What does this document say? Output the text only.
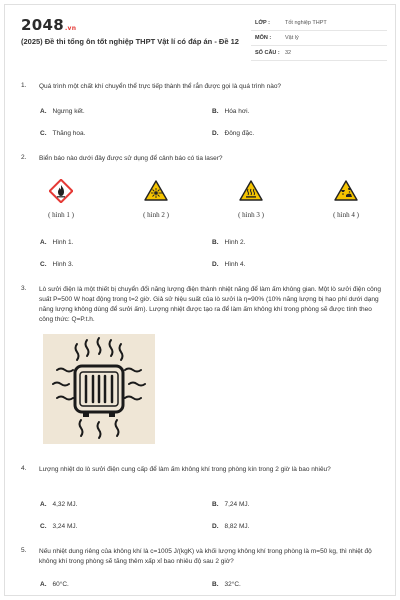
2048.vn
(2025) Đề thi tổng ôn tốt nghiệp THPT Vật lí có đáp án - Đề 12
LỚP :	Tốt nghiệp THPT
MÔN :	Vật lý
SỐ CÂU : 32
1. Quá trình một chất khí chuyển thể trực tiếp thành thể rắn được gọi là quá trình nào?
A. Ngưng kết.	B. Hóa hơi.
C. Thăng hoa.	D. Đông đặc.
2. Biển báo nào dưới đây được sử dụng để cảnh báo có tia laser?
( hình 1 )	( hình 2 )	( hình 3 )	( hình 4 )
A. Hình 1.	B. Hình 2.
C. Hình 3.	D. Hình 4.
3. Lò sưởi điện là một thiết bị chuyển đổi năng lượng điện thành nhiệt năng để làm ấm không gian. Một lò sưởi điện công suất P=500 W hoạt động trong t=2 giờ. Giả sử hiệu suất của lò sưởi là η=90% (10% năng lượng bị hao phí dưới dạng năng lượng không dùng để sưởi ấm). Lượng nhiệt được tạo ra để làm ấm không khí trong phòng sẽ được tính theo công thức: Q=P.t.h.
4. Lượng nhiệt do lò sưởi điện cung cấp để làm ấm không khí trong phòng kín trong 2 giờ là bao nhiêu?
A. 4,32 MJ.	B. 7,24 MJ.
C. 3,24 MJ.	D. 8,82 MJ.
5. Nếu nhiệt dung riêng của không khí là c=1005 J/(kgK) và khối lượng không khí trong phòng là m=50 kg, thì nhiệt độ không khí trong phòng sẽ tăng thêm xấp xỉ bao nhiêu độ sau 2 giờ?
A. 60°C.	B. 32°C.
